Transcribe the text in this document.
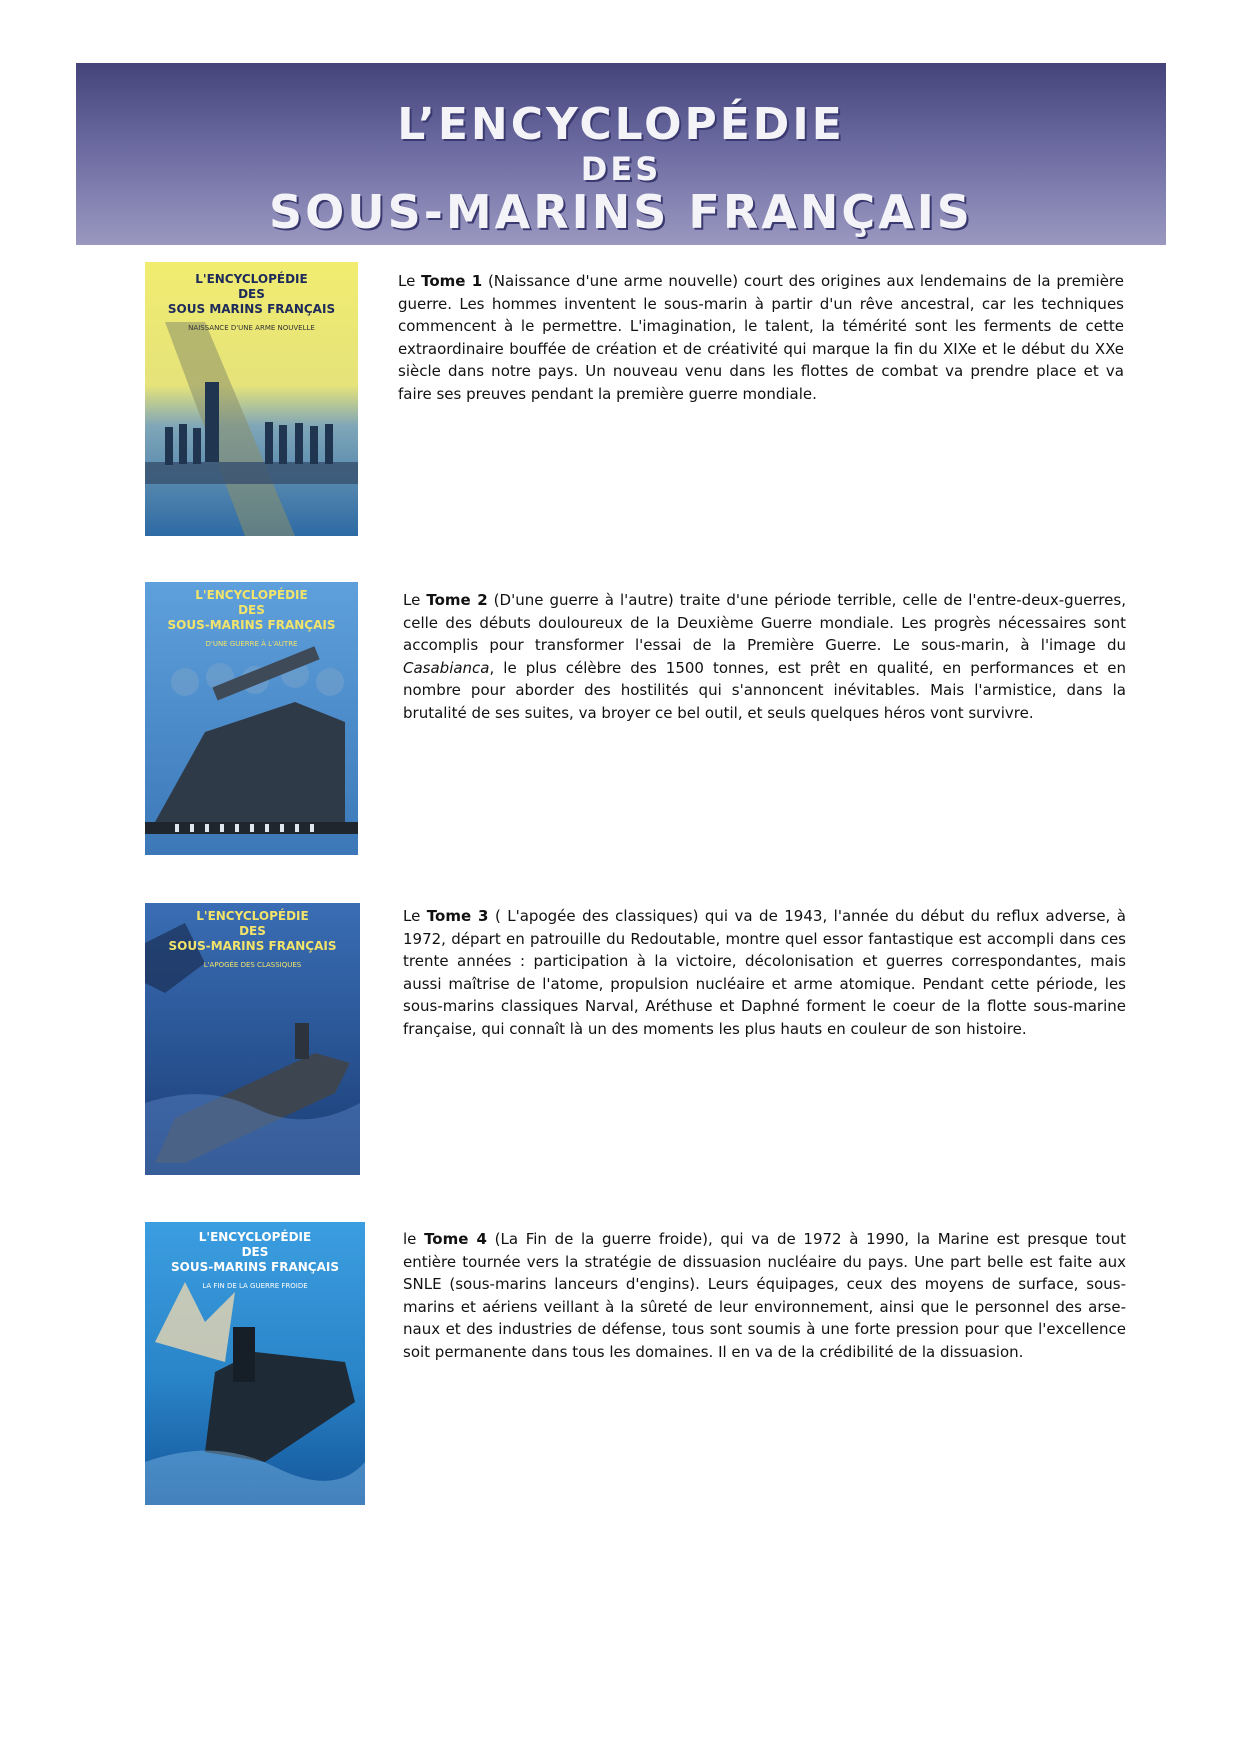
L’ENCYCLOPÉDIE
DES
SOUS-MARINS FRANÇAIS
L'ENCYCLOPÉDIE
DES
SOUS MARINS FRANÇAIS
NAISSANCE D'UNE ARME NOUVELLE
Le Tome 1 (Naissance d'une arme nouvelle) court des origines aux lendemains de la première guerre. Les hommes inventent le sous-marin à partir d'un rêve ancestral, car les techniques commencent à le permettre. L'imagination, le talent, la témérité sont les ferments de cette extraordinaire bouffée de création et de créativité qui marque la fin du XIXe et le début du XXe siècle dans notre pays. Un nouveau venu dans les flottes de combat va prendre place et va faire ses preuves pendant la première guerre mondiale.
L'ENCYCLOPÉDIE
DES
SOUS-MARINS FRANÇAIS
D'UNE GUERRE À L'AUTRE
Le Tome 2 (D'une guerre à l'autre) traite d'une période terrible, celle de l'entre-deux-guerres, celle des débuts douloureux de la Deuxième Guerre mondiale. Les progrès nécessaires sont accomplis pour transformer l'essai de la Première Guerre. Le sous-marin, à l'image du Casabianca, le plus célèbre des 1500 tonnes, est prêt en qualité, en performances et en nombre pour aborder des hostilités qui s'annoncent inévitables. Mais l'armistice, dans la brutalité de ses suites, va broyer ce bel outil, et seuls quelques héros vont survivre.
L'ENCYCLOPÉDIE
DES
SOUS-MARINS FRANÇAIS
L'APOGÉE DES CLASSIQUES
Le Tome 3 ( L'apogée des classiques) qui va de 1943, l'année du début du reflux adverse, à 1972, départ en patrouille du Redoutable, montre quel essor fantastique est accompli dans ces trente années : participation à la victoire, décolonisation et guerres correspondantes, mais aussi maîtrise de l'atome, propulsion nucléaire et arme atomique. Pendant cette période, les sous-marins classiques Narval, Aréthuse et Daphné forment le coeur de la flotte sous-marine française, qui connaît là un des moments les plus hauts en couleur de son histoire.
L'ENCYCLOPÉDIE
DES
SOUS-MARINS FRANÇAIS
LA FIN DE LA GUERRE FROIDE
le Tome 4 (La Fin de la guerre froide), qui va de 1972 à 1990, la Marine est presque tout entière tournée vers la stratégie de dissuasion nucléaire du pays. Une part belle est faite aux SNLE (sous-marins lanceurs d'engins). Leurs équipages, ceux des moyens de surface, sous-marins et aériens veillant à la sûreté de leur environnement, ainsi que le personnel des arse-naux et des industries de défense, tous sont soumis à une forte pression pour que l'excellence soit permanente dans tous les domaines. Il en va de la crédibilité de la dissuasion.
